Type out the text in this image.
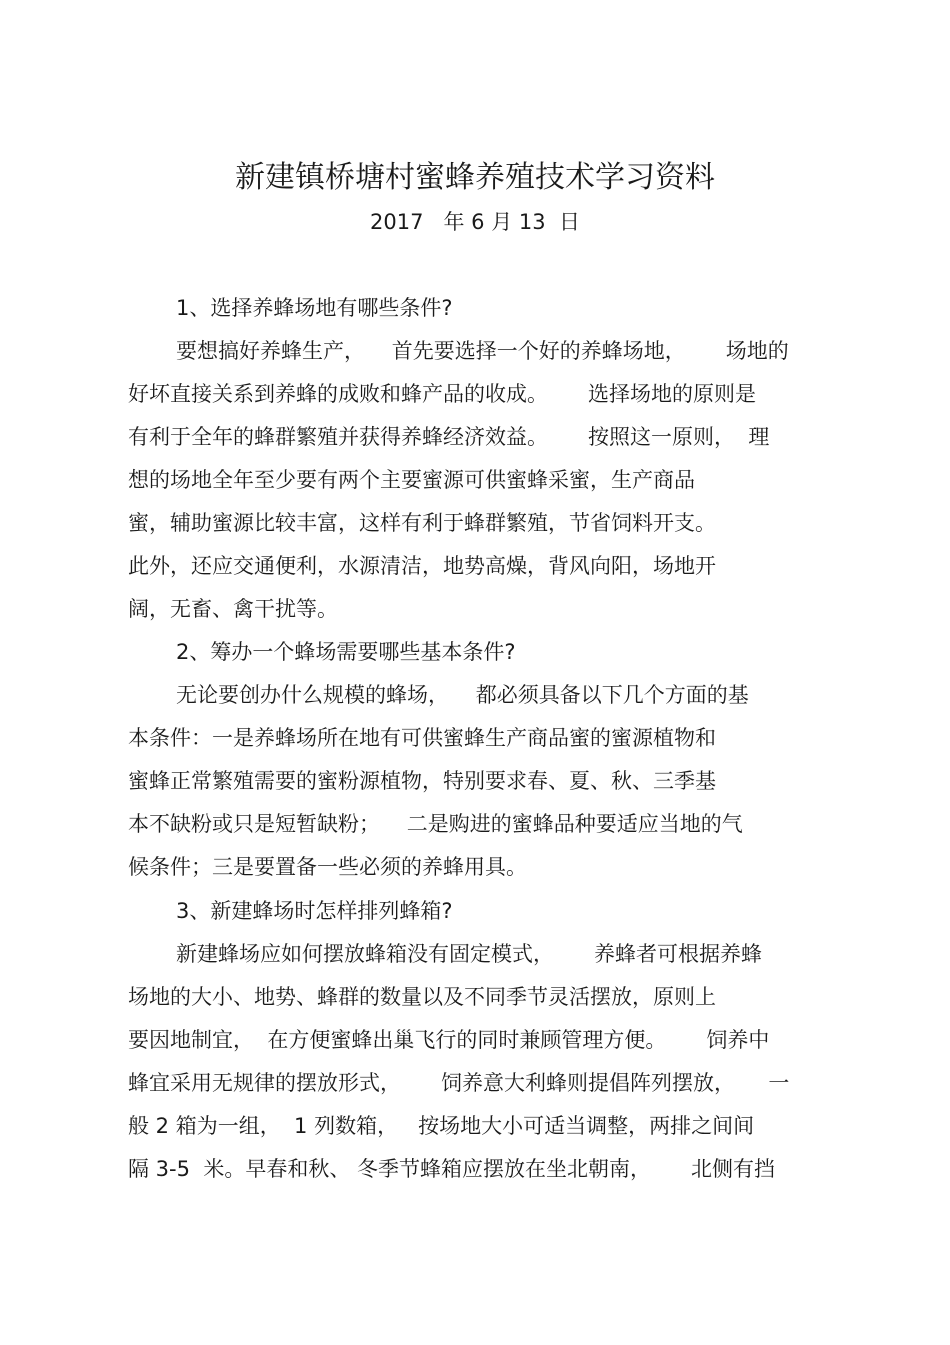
新建镇桥塘村蜜蜂养殖技术学习资料
2017   年 6 月 13  日
1、选择养蜂场地有哪些条件?
要想搞好养蜂生产，    首先要选择一个好的养蜂场地，      场地的
好坏直接关系到养蜂的成败和蜂产品的收成。      选择场地的原则是
有利于全年的蜂群繁殖并获得养蜂经济效益。      按照这一原则，  理
想的场地全年至少要有两个主要蜜源可供蜜蜂采蜜，生产商品
蜜，辅助蜜源比较丰富，这样有利于蜂群繁殖，节省饲料开支。
此外，还应交通便利，水源清洁，地势高燥，背风向阳，场地开
阔，无畜、禽干扰等。
2、筹办一个蜂场需要哪些基本条件?
无论要创办什么规模的蜂场，    都必须具备以下几个方面的基
本条件：一是养蜂场所在地有可供蜜蜂生产商品蜜的蜜源植物和
蜜蜂正常繁殖需要的蜜粉源植物，特别要求春、夏、秋、三季基
本不缺粉或只是短暂缺粉；    二是购进的蜜蜂品种要适应当地的气
候条件；三是要置备一些必须的养蜂用具。
3、新建蜂场时怎样排列蜂箱?
新建蜂场应如何摆放蜂箱没有固定模式，      养蜂者可根据养蜂
场地的大小、地势、蜂群的数量以及不同季节灵活摆放，原则上
要因地制宜，  在方便蜜蜂出巢飞行的同时兼顾管理方便。      饲养中
蜂宜采用无规律的摆放形式，      饲养意大利蜂则提倡阵列摆放，     一
般 2 箱为一组，  1 列数箱，   按场地大小可适当调整，两排之间间
隔 3-5  米。早春和秋、 冬季节蜂箱应摆放在坐北朝南，      北侧有挡
